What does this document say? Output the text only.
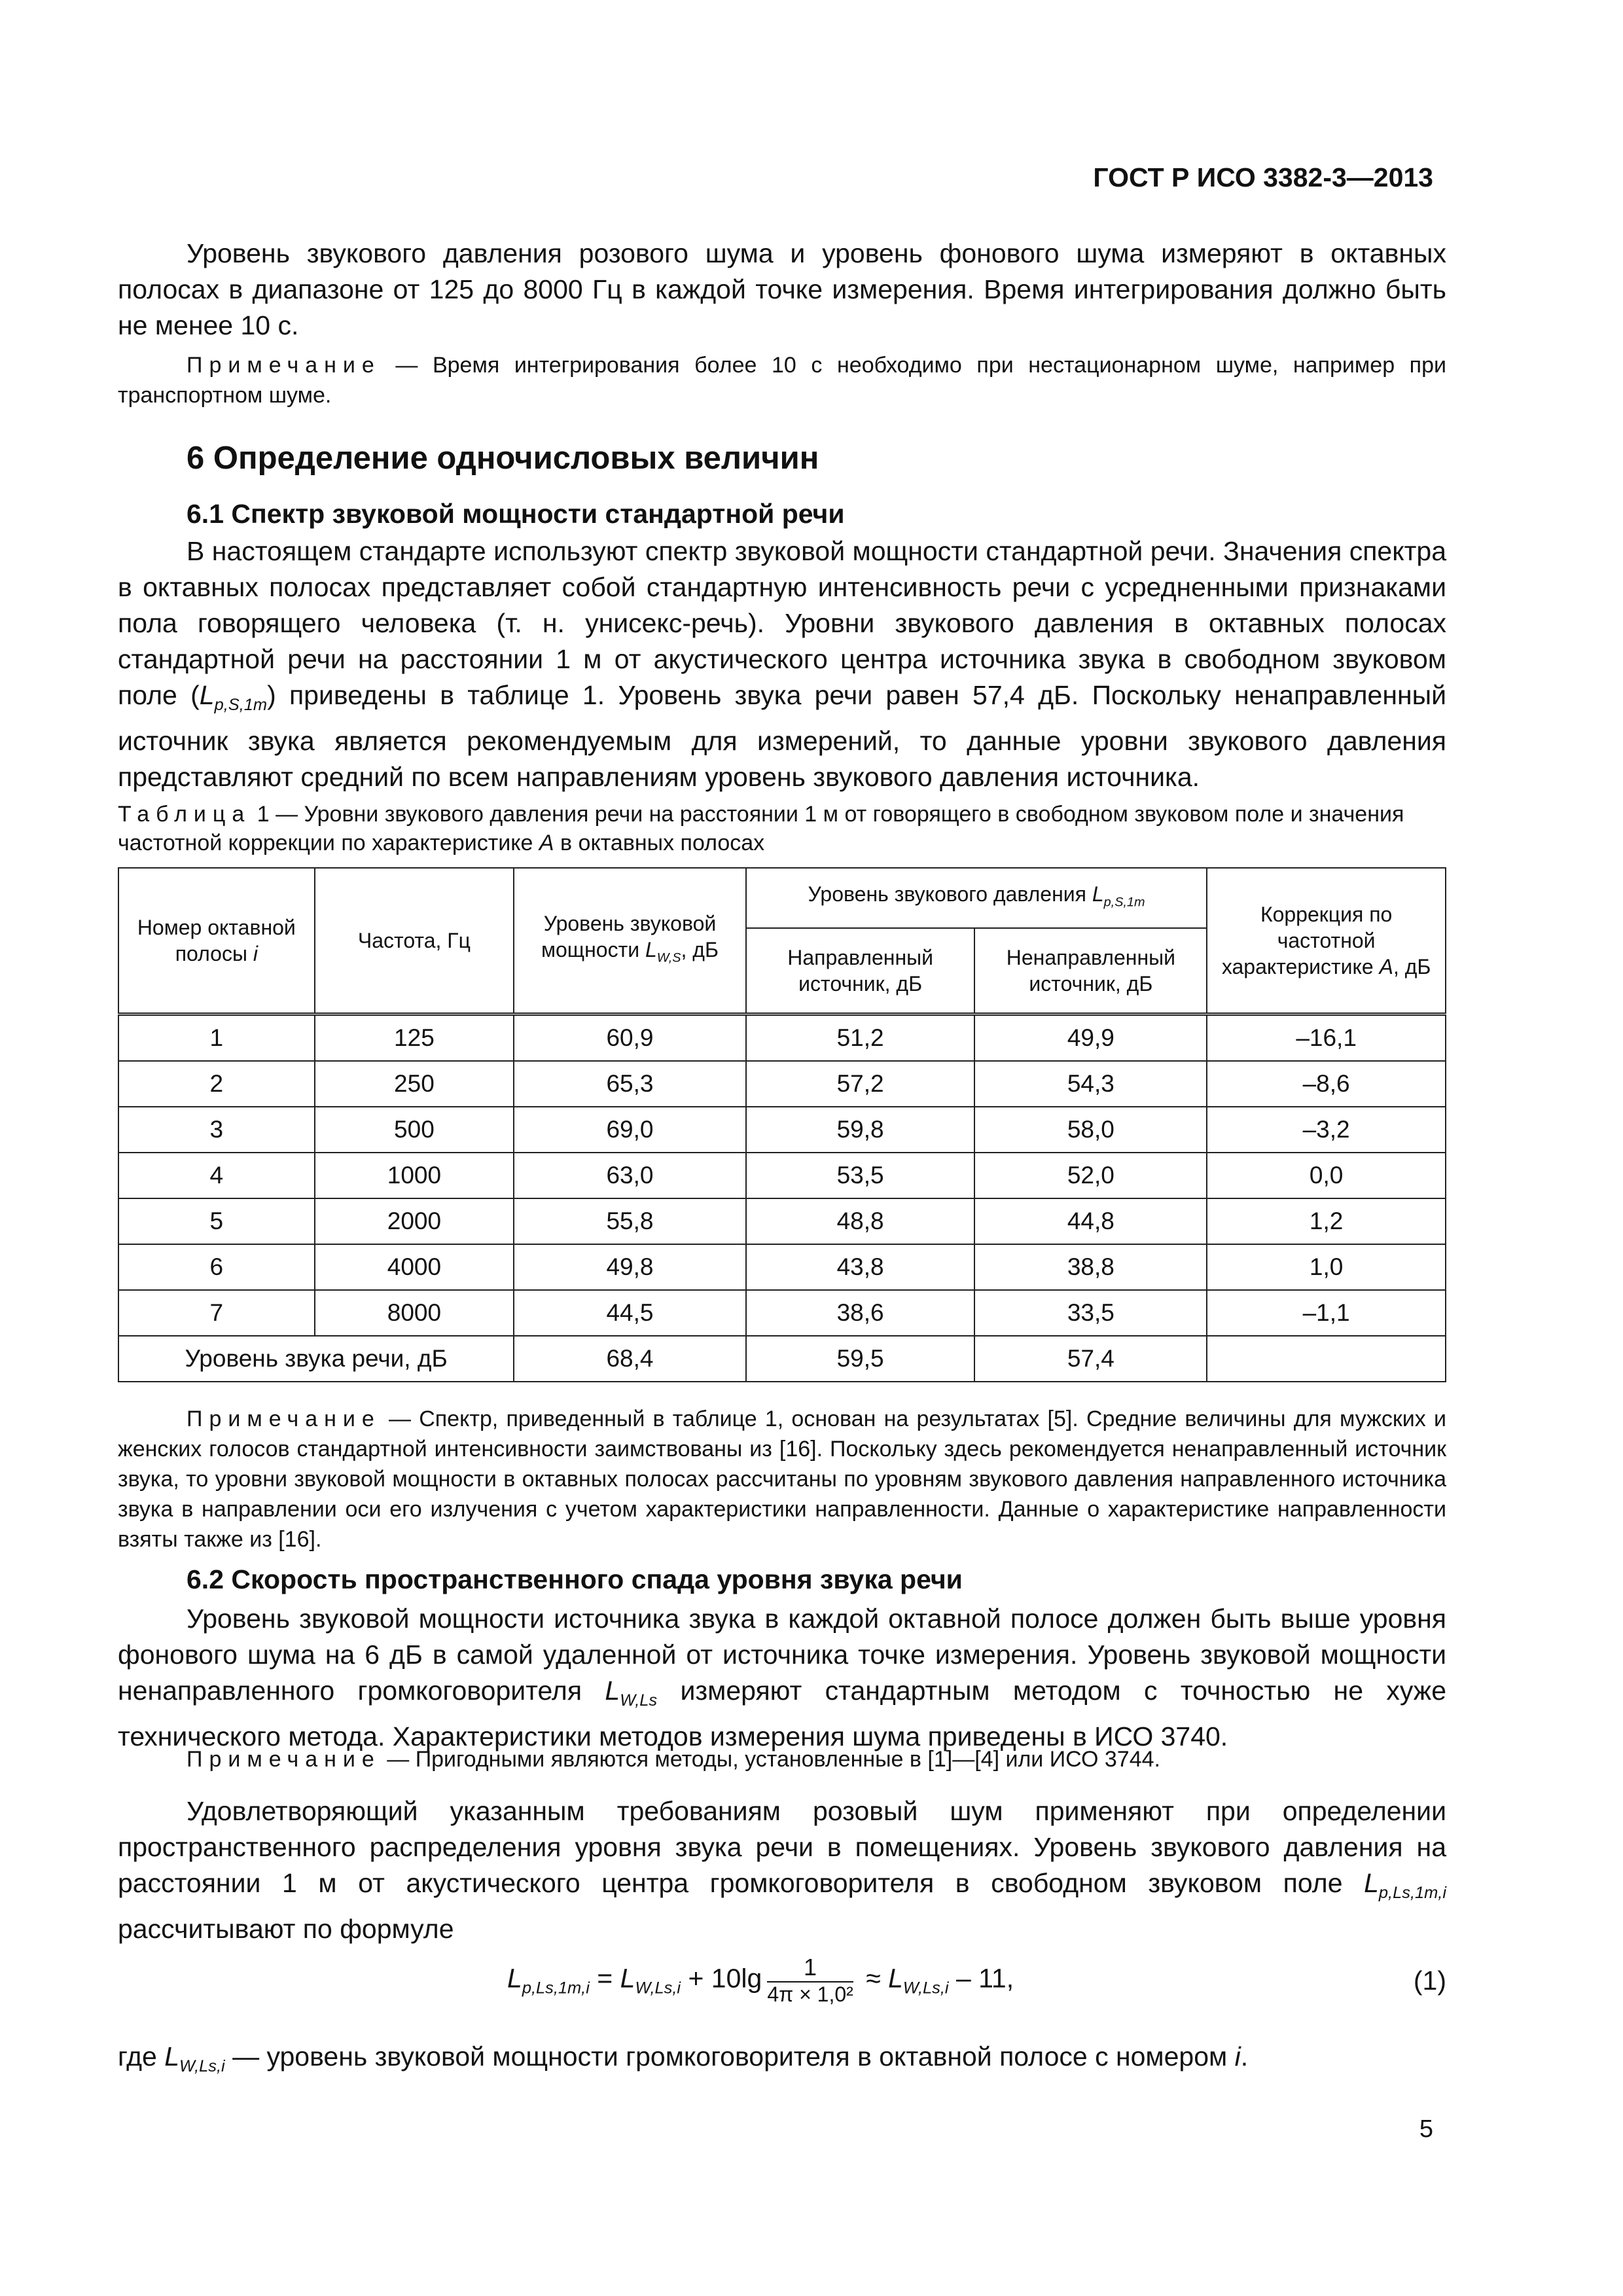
ГОСТ Р ИСО 3382-3—2013
Уровень звукового давления розового шума и уровень фонового шума измеряют в октавных полосах в диапазоне от 125 до 8000 Гц в каждой точке измерения. Время интегрирования должно быть не менее 10 с.
Примечание — Время интегрирования более 10 с необходимо при нестационарном шуме, например при транспортном шуме.
6 Определение одночисловых величин
6.1 Спектр звуковой мощности стандартной речи
В настоящем стандарте используют спектр звуковой мощности стандартной речи. Значения спектра в октавных полосах представляет собой стандартную интенсивность речи с усредненными признаками пола говорящего человека (т. н. унисекс-речь). Уровни звукового давления в октавных полосах стандартной речи на расстоянии 1 м от акустического центра источника звука в свободном звуковом поле $(L_{p,S,1m})$ приведены в таблице 1. Уровень звука речи равен 57,4 дБ. Поскольку ненаправленный источник звука является рекомендуемым для измерений, то данные уровни звукового давления представляют средний по всем направлениям уровень звукового давления источника.
Таблица 1 — Уровни звукового давления речи на расстоянии 1 м от говорящего в свободном звуковом поле и значения частотной коррекции по характеристике A в октавных полосах
Номер октавной полосы i	Частота, Гц	Уровень звуковой мощности $L_{W,S}$, дБ	Уровень звукового давления $L_{p,S,1m}$		Коррекция по частотной характеристике A, дБ
			Направленный источник, дБ	Ненаправленный источник, дБ	
1	125	60,9	51,2	49,9	–16,1
2	250	65,3	57,2	54,3	–8,6
3	500	69,0	59,8	58,0	–3,2
4	1000	63,0	53,5	52,0	0,0
5	2000	55,8	48,8	44,8	1,2
6	4000	49,8	43,8	38,8	1,0
7	8000	44,5	38,6	33,5	–1,1
Уровень звука речи, дБ		68,4	59,5	57,4	
Примечание — Спектр, приведенный в таблице 1, основан на результатах [5]. Средние величины для мужских и женских голосов стандартной интенсивности заимствованы из [16]. Поскольку здесь рекомендуется ненаправленный источник звука, то уровни звуковой мощности в октавных полосах рассчитаны по уровням звукового давления направленного источника звука в направлении оси его излучения с учетом характеристики направленности. Данные о характеристике направленности взяты также из [16].
6.2 Скорость пространственного спада уровня звука речи
Уровень звуковой мощности источника звука в каждой октавной полосе должен быть выше уровня фонового шума на 6 дБ в самой удаленной от источника точке измерения. Уровень звуковой мощности ненаправленного громкоговорителя $L_{W,Ls}$ измеряют стандартным методом с точностью не хуже технического метода. Характеристики методов измерения шума приведены в ИСО 3740.
Примечание — Пригодными являются методы, установленные в [1]—[4] или ИСО 3744.
Удовлетворяющий указанным требованиям розовый шум применяют при определении пространственного распределения уровня звука речи в помещениях. Уровень звукового давления на расстоянии 1 м от акустического центра громкоговорителя в свободном звуковом поле $L_{p,Ls,1m,i}$ рассчитывают по формуле
$L_{p,Ls,1m,i} = L_{W,Ls,i} + 10\lg \frac{1}{\text{4π × 1,0²}} \approx L_{W,Ls,i} - 11$,	(1)
где $L_{W,Ls,i}$ — уровень звуковой мощности громкоговорителя в октавной полосе с номером i.
5
